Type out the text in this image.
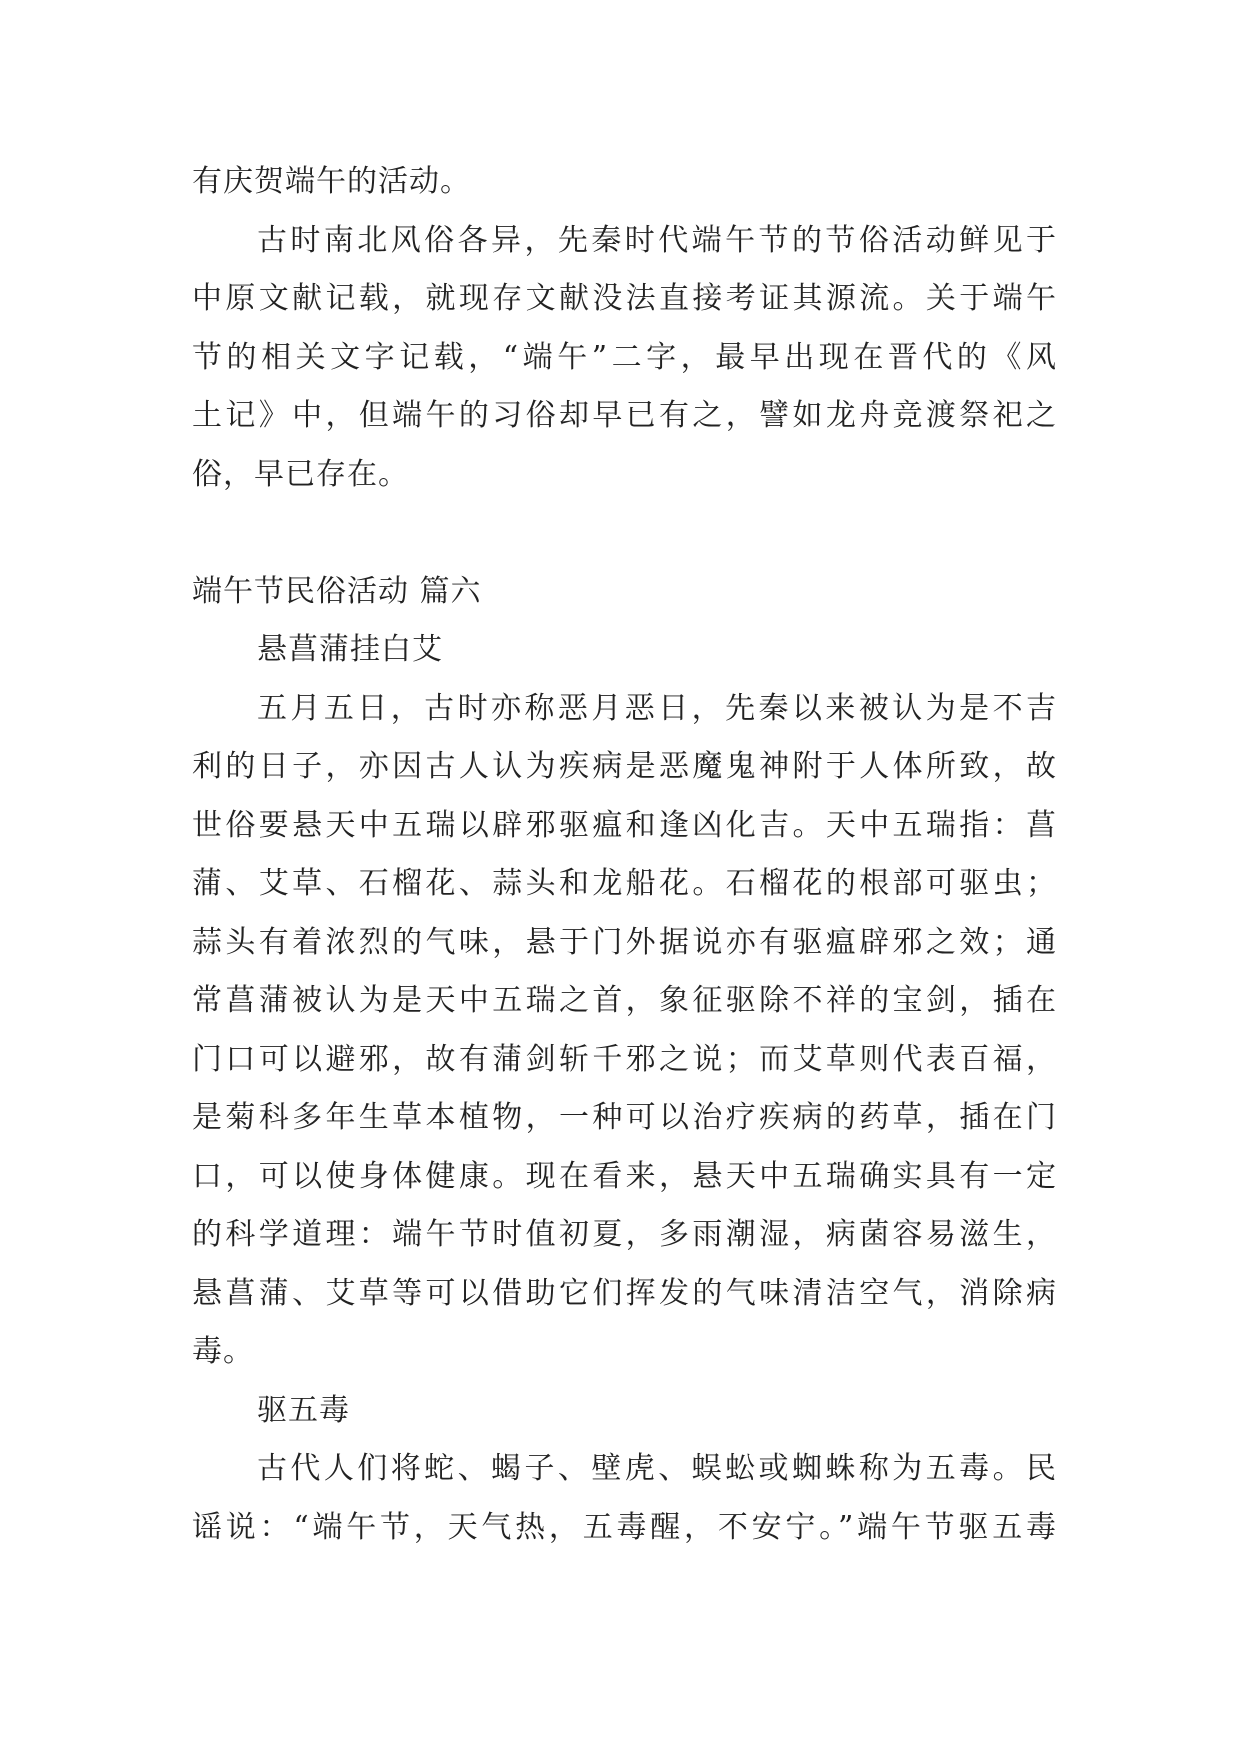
有庆贺端午的活动。
古时南北风俗各异，先秦时代端午节的节俗活动鲜见于
中原文献记载，就现存文献没法直接考证其源流。关于端午
节的相关文字记载，“端午”二字，最早出现在晋代的《风
土记》中，但端午的习俗却早已有之，譬如龙舟竞渡祭祀之
俗，早已存在。
端午节民俗活动 篇六
悬菖蒲挂白艾
五月五日，古时亦称恶月恶日，先秦以来被认为是不吉
利的日子，亦因古人认为疾病是恶魔鬼神附于人体所致，故
世俗要悬天中五瑞以辟邪驱瘟和逢凶化吉。天中五瑞指：菖
蒲、艾草、石榴花、蒜头和龙船花。石榴花的根部可驱虫；
蒜头有着浓烈的气味，悬于门外据说亦有驱瘟辟邪之效；通
常菖蒲被认为是天中五瑞之首，象征驱除不祥的宝剑，插在
门口可以避邪，故有蒲剑斩千邪之说；而艾草则代表百福，
是菊科多年生草本植物，一种可以治疗疾病的药草，插在门
口，可以使身体健康。现在看来，悬天中五瑞确实具有一定
的科学道理：端午节时值初夏，多雨潮湿，病菌容易滋生，
悬菖蒲、艾草等可以借助它们挥发的气味清洁空气，消除病
毒。
驱五毒
古代人们将蛇、蝎子、壁虎、蜈蚣或蜘蛛称为五毒。民
谣说：“端午节，天气热，五毒醒，不安宁。”端午节驱五毒
